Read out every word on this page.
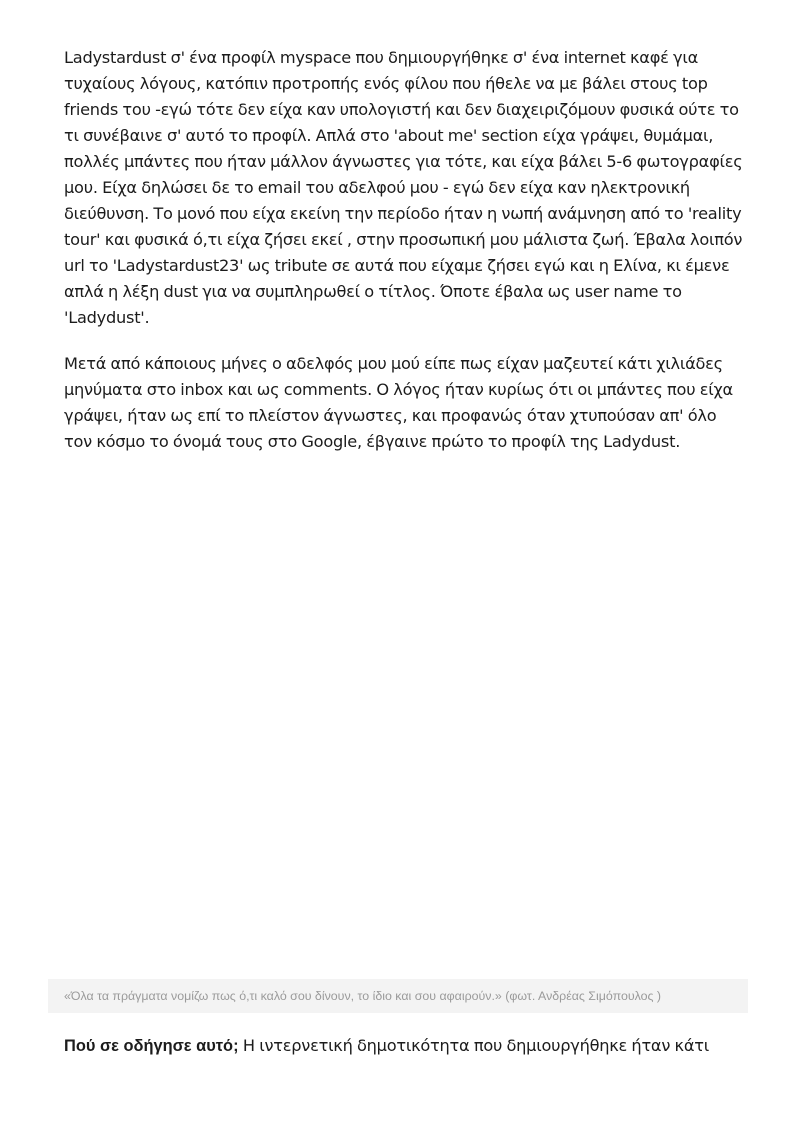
Ladystardust σ' ένα προφίλ myspace που δημιουργήθηκε σ' ένα internet καφέ για τυχαίους λόγους, κατόπιν προτροπής ενός φίλου που ήθελε να με βάλει στους top friends του -εγώ τότε δεν είχα καν υπολογιστή και δεν διαχειριζόμουν φυσικά ούτε το τι συνέβαινε σ' αυτό το προφίλ. Απλά στο 'about me' section είχα γράψει, θυμάμαι, πολλές μπάντες που ήταν μάλλον άγνωστες για τότε, και είχα βάλει 5-6 φωτογραφίες μου. Είχα δηλώσει δε το email του αδελφού μου - εγώ δεν είχα καν ηλεκτρονική διεύθυνση. Το μονό που είχα εκείνη την περίοδο ήταν η νωπή ανάμνηση από το 'reality tour' και φυσικά ό,τι είχα ζήσει εκεί , στην προσωπική μου μάλιστα ζωή. Έβαλα λοιπόν url το 'Ladystardust23' ως tribute σε αυτά που είχαμε ζήσει εγώ και η Ελίνα, κι έμενε απλά η λέξη dust για να συμπληρωθεί ο τίτλος. Όποτε έβαλα ως user name το 'Ladydust'.

Μετά από κάποιους μήνες ο αδελφός μου μού είπε πως είχαν μαζευτεί κάτι χιλιάδες μηνύματα στο inbox και ως comments. Ο λόγος ήταν κυρίως ότι οι μπάντες που είχα γράψει, ήταν ως επί το πλείστον άγνωστες, και προφανώς όταν χτυπούσαν απ' όλο τον κόσμο το όνομά τους στο Google, έβγαινε πρώτο το προφίλ της Ladydust.

«Όλα τα πράγματα νομίζω πως ό,τι καλό σου δίνουν, το ίδιο και σου αφαιρούν.» (φωτ. Ανδρέας Σιμόπουλος )

Πού σε οδήγησε αυτό; Η ιντερνετική δημοτικότητα που δημιουργήθηκε ήταν κάτι
